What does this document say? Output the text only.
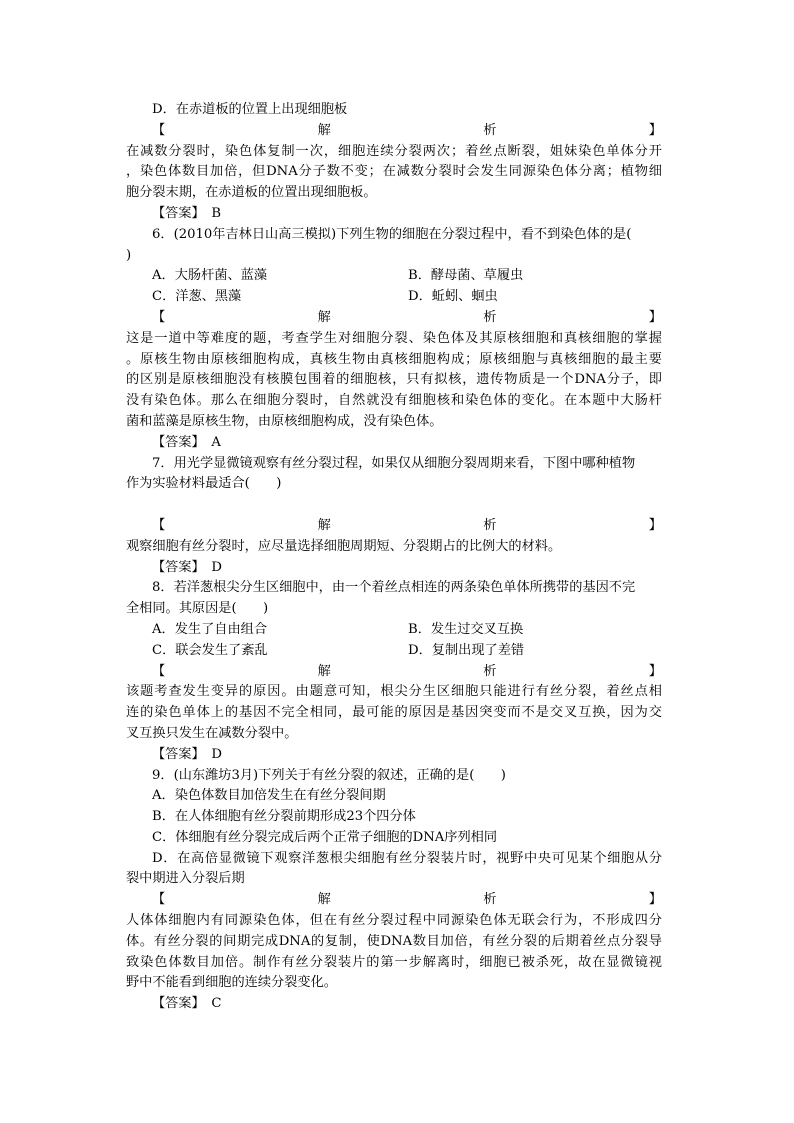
D．在赤道板的位置上出现细胞板
【	解	析	】
在减数分裂时，染色体复制一次，细胞连续分裂两次；着丝点断裂，姐妹染色单体分开
，染色体数目加倍，但DNA分子数不变；在减数分裂时会发生同源染色体分离；植物细
胞分裂末期，在赤道板的位置出现细胞板。
【答案】　B
6．(2010年吉林日山高三模拟)下列生物的细胞在分裂过程中，看不到染色体的是(
)
A．大肠杆菌、蓝藻	B．酵母菌、草履虫
C．洋葱、黑藻	D．蚯蚓、蛔虫
【	解	析	】
这是一道中等难度的题，考查学生对细胞分裂、染色体及其原核细胞和真核细胞的掌握
。原核生物由原核细胞构成，真核生物由真核细胞构成；原核细胞与真核细胞的最主要
的区别是原核细胞没有核膜包围着的细胞核，只有拟核，遗传物质是一个DNA分子，即
没有染色体。那么在细胞分裂时，自然就没有细胞核和染色体的变化。在本题中大肠杆
菌和蓝藻是原核生物，由原核细胞构成，没有染色体。
【答案】　A
7．用光学显微镜观察有丝分裂过程，如果仅从细胞分裂周期来看，下图中哪种植物
作为实验材料最适合(　　)
【	解	析	】
观察细胞有丝分裂时，应尽量选择细胞周期短、分裂期占的比例大的材料。
【答案】　D
8．若洋葱根尖分生区细胞中，由一个着丝点相连的两条染色单体所携带的基因不完
全相同。其原因是(　　)
A．发生了自由组合	B．发生过交叉互换
C．联会发生了紊乱	D．复制出现了差错
【	解	析	】
该题考查发生变异的原因。由题意可知，根尖分生区细胞只能进行有丝分裂，着丝点相
连的染色单体上的基因不完全相同，最可能的原因是基因突变而不是交叉互换，因为交
叉互换只发生在减数分裂中。
【答案】　D
9．(山东潍坊3月)下列关于有丝分裂的叙述，正确的是(　　)
A．染色体数目加倍发生在有丝分裂间期
B．在人体细胞有丝分裂前期形成23个四分体
C．体细胞有丝分裂完成后两个正常子细胞的DNA序列相同
D．在高倍显微镜下观察洋葱根尖细胞有丝分裂装片时，视野中央可见某个细胞从分
裂中期进入分裂后期
【	解	析	】
人体体细胞内有同源染色体，但在有丝分裂过程中同源染色体无联会行为，不形成四分
体。有丝分裂的间期完成DNA的复制，使DNA数目加倍，有丝分裂的后期着丝点分裂导
致染色体数目加倍。制作有丝分裂装片的第一步解离时，细胞已被杀死，故在显微镜视
野中不能看到细胞的连续分裂变化。
【答案】　C
